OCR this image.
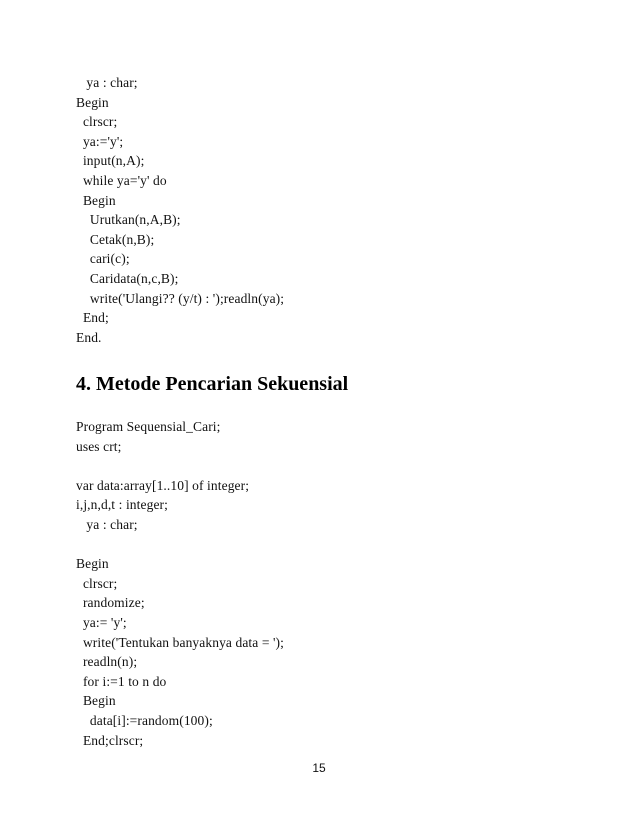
ya : char;
Begin
clrscr;
ya:='y';
input(n,A);
while ya='y' do
Begin
Urutkan(n,A,B);
Cetak(n,B);
cari(c);
Caridata(n,c,B);
write('Ulangi?? (y/t) : ');readln(ya);
End;
End.
4. Metode Pencarian Sekuensial
Program Sequensial_Cari;
uses crt;
var data:array[1..10] of integer;
i,j,n,d,t : integer;
ya : char;
Begin
clrscr;
randomize;
ya:= 'y';
write('Tentukan banyaknya data = ');
readln(n);
for i:=1 to n do
Begin
data[i]:=random(100);
End;clrscr;
15
